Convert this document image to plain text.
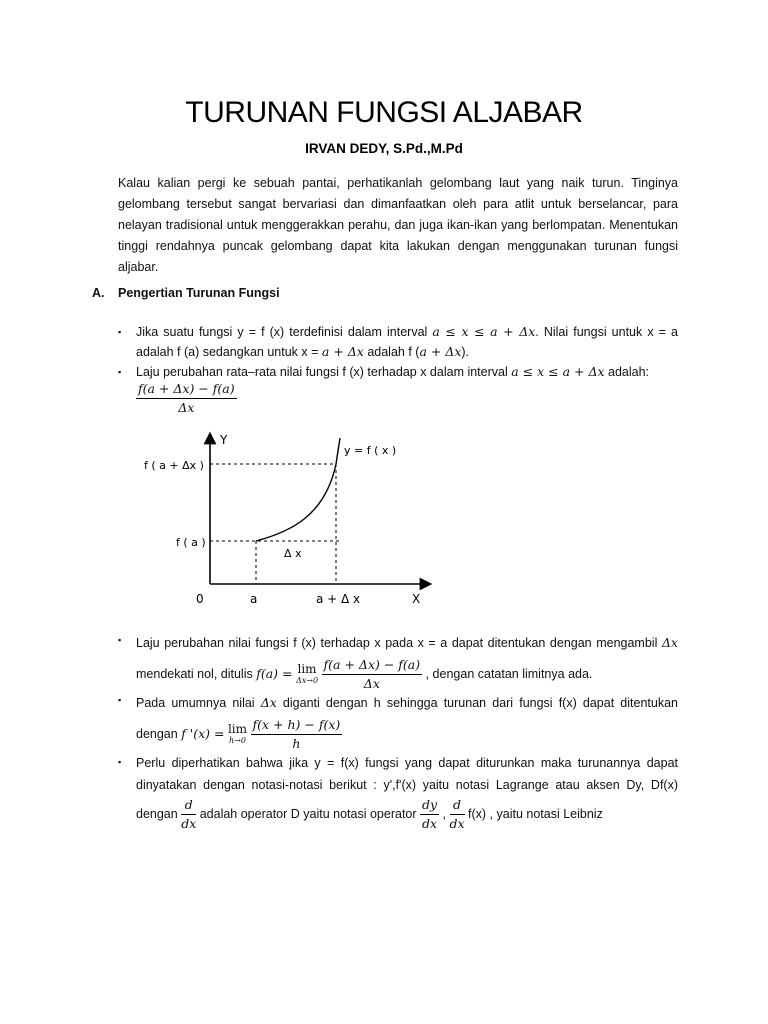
TURUNAN FUNGSI ALJABAR
IRVAN DEDY, S.Pd.,M.Pd
Kalau kalian pergi ke sebuah pantai, perhatikanlah gelombang laut yang naik turun. Tinginya gelombang tersebut sangat bervariasi dan dimanfaatkan oleh para atlit untuk berselancar, para nelayan tradisional untuk menggerakkan perahu, dan juga ikan-ikan yang berlompatan. Menentukan tinggi rendahnya puncak gelombang dapat kita lakukan dengan menggunakan turunan fungsi aljabar.
A. Pengertian Turunan Fungsi
▪ Jika suatu fungsi y = f (x) terdefinisi dalam interval a ≤ x ≤ a + Δx. Nilai fungsi untuk x = a adalah f (a) sedangkan untuk x = a + Δx adalah f (a + Δx).
▪ Laju perubahan rata–rata nilai fungsi f (x) terhadap x dalam interval a ≤ x ≤ a + Δx adalah:
$\frac{f(a + \Delta x) - f(a)}{\Delta x}$
Y
X
0
y = f ( x )
f ( a + Δx )
f ( a )
Δ x
a	a + Δ x
▪ Laju perubahan nilai fungsi f (x) terhadap x pada x = a dapat ditentukan dengan mengambil Δx mendekati nol, ditulis f(a) = lim
Δx→0
$\frac{f(a + \Delta x) - f(a)}{\Delta x}$ , dengan catatan limitnya ada.
▪ Pada umumnya nilai Δx diganti dengan h sehingga turunan dari fungsi f(x) dapat ditentukan dengan f '(x) = lim
h→0
$\frac{f(x + h) - f(x)}{h}$
▪ Perlu diperhatikan bahwa jika y = f(x) fungsi yang dapat diturunkan maka turunannya dapat dinyatakan dengan notasi-notasi berikut : y',f'(x) yaitu notasi Lagrange atau aksen Dy, Df(x) dengan $\frac{d}{dx}$ adalah operator D yaitu notasi operator $\frac{dy}{dx}$ , $\frac{d}{dx} f(x)$ , yaitu notasi Leibniz
